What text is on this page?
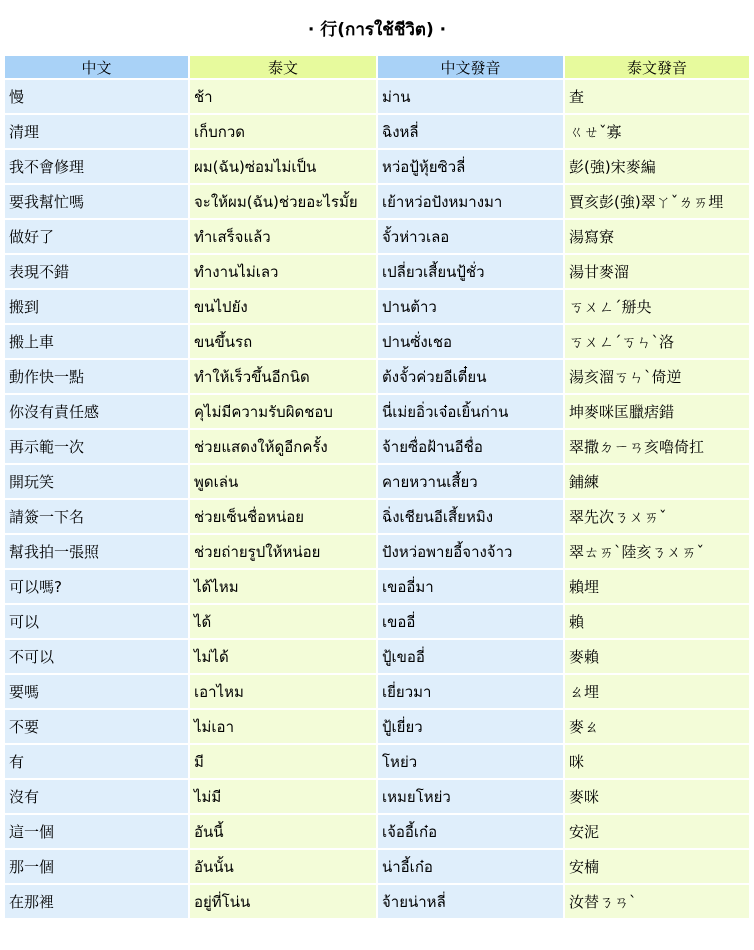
· 行(การใช้ชีวิต) ·
中文	泰文	中文發音	泰文發音
慢	ช้า	ม่าน	查
清理	เก็บกวด	ฉิงหลี่	ㄍㄝˇ寡
我不會修理	ผม(ฉัน)ซ่อมไม่เป็น	หว่อปู้หุ้ยซิวลี่	彭(強)宋麥編
要我幫忙嗎	จะให้ผม(ฉัน)ช่วยอะไรมั้ย	เย้าหว่อปังหมางมา	賈亥彭(強)翠ㄚˇㄌㄞ埋
做好了	ทำเสร็จแล้ว	จั้วห่าวเลอ	湯寫寮
表現不錯	ทำงานไม่เลว	เปลี่ยวเสี้ยนปู้ชั่ว	湯甘麥溜
搬到	ขนไปยัง	ปานต้าว	ㄎㄨㄥˊ掰央
搬上車	ขนขึ้นรถ	ปานซั่งเชอ	ㄎㄨㄥˊㄎㄣˋ洛
動作快一點	ทำให้เร็วขึ้นอีกนิด	ต้งจั้วค่วยอีเตี๋ยน	湯亥溜ㄎㄣˋ倚逆
你沒有責任感	คุไม่มีความรับผิดชอบ	นี่เม่ยอิ่วเจ๋อเยิ้นก่าน	坤麥咪匡臘痞錯
再示範一次	ช่วยแสดงให้ดูอีกครั้ง	จ้ายซื่อฝ้านอีชื่อ	翠撒ㄉㄧㄢ亥嚕倚扛
開玩笑	พูดเล่น	คายหวานเสี้ยว	鋪練
請簽一下名	ช่วยเซ็นชื่อหน่อย	ฉิ่งเชียนอีเสี้ยหมิง	翠先次ㄋㄨㄞˇ
幫我拍一張照	ช่วยถ่ายรูปให้หน่อย	ปังหว่อพายอี้จางจ้าว	翠ㄊㄞˋ陸亥ㄋㄨㄞˇ
可以嗎?	ได้ไหม	เขออี่มา	賴埋
可以	ได้	เขออี่	賴
不可以	ไม่ได้	ปู้เขออี่	麥賴
要嗎	เอาไหม	เยี่ยวมา	ㄠ埋
不要	ไม่เอา	ปู้เยี่ยว	麥ㄠ
有	มี	โหย่ว	咪
沒有	ไม่มี	เหมยโหย่ว	麥咪
這一個	อันนี้	เจ้ออี้เก๋อ	安泥
那一個	อันนั้น	น่าอี้เก๋อ	安楠
在那裡	อยู่ที่โน่น	จ้ายน่าหลี่	汝替ㄋㄢˋ
